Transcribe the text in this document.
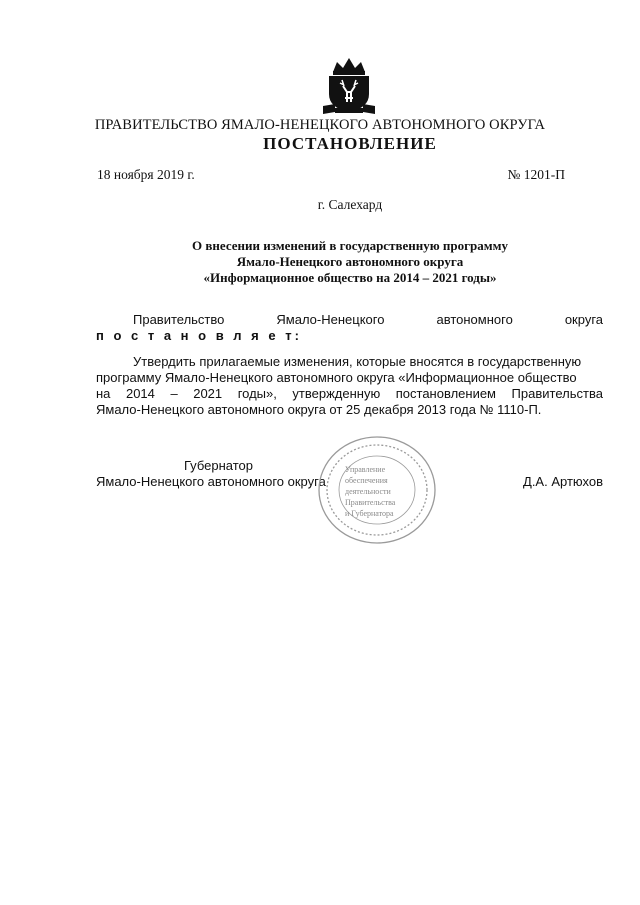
ПРАВИТЕЛЬСТВО ЯМАЛО-НЕНЕЦКОГО АВТОНОМНОГО ОКРУГА
ПОСТАНОВЛЕНИЕ
18 ноября 2019 г.	№ 1201-П
г. Салехард
О внесении изменений в государственную программу
Ямало-Ненецкого автономного округа
«Информационное общество на 2014 – 2021 годы»
Правительство	Ямало-Ненецкого	автономного	округа
п о с т а н о в л я е т:
Утвердить прилагаемые изменения, которые вносятся в государственную
программу Ямало-Ненецкого автономного округа «Информационное общество
на 2014 – 2021 годы», утвержденную постановлением Правительства
Ямало-Ненецкого автономного округа от 25 декабря 2013 года № 1110-П.
Губернатор
Ямало-Ненецкого автономного округа	Д.А. Артюхов
Управление
обеспечения
деятельности
Правительства
и Губернатора
